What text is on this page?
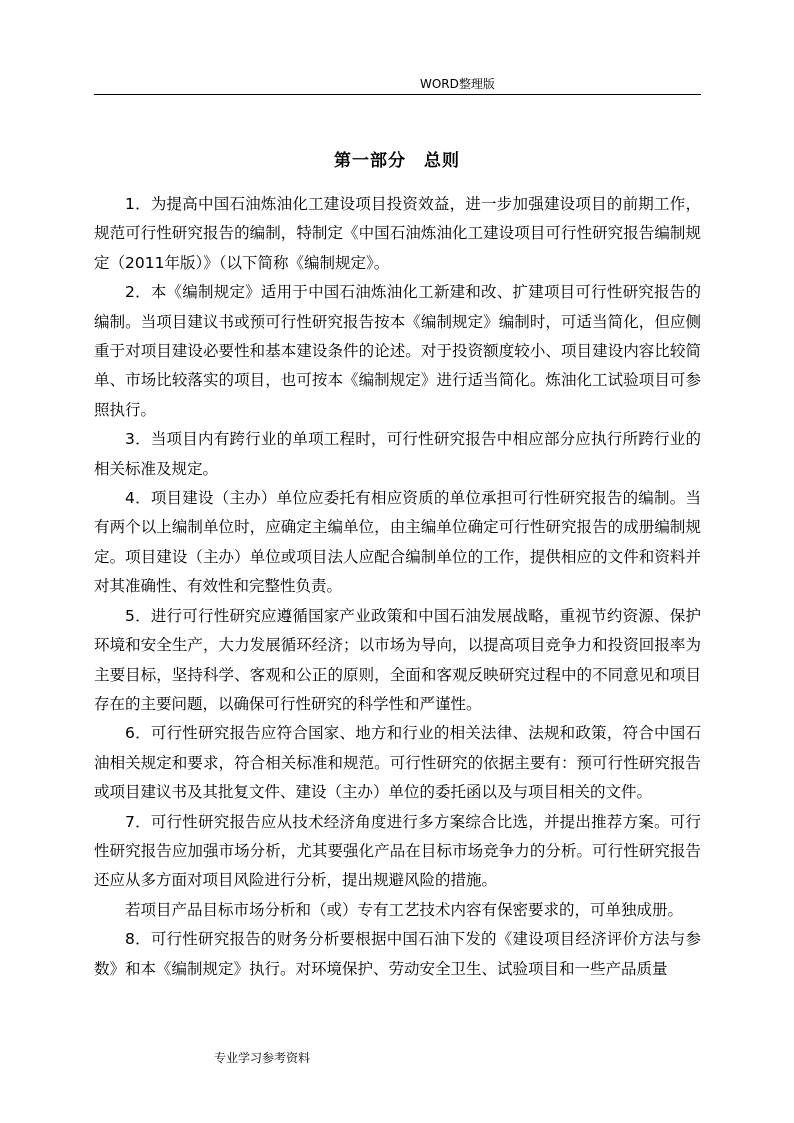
WORD整理版
第一部分　总则

1．为提高中国石油炼油化工建设项目投资效益，进一步加强建设项目的前期工作，规范可行性研究报告的编制，特制定《中国石油炼油化工建设项目可行性研究报告编制规定（2011年版）》（以下简称《编制规定》。

2．本《编制规定》适用于中国石油炼油化工新建和改、扩建项目可行性研究报告的编制。当项目建议书或预可行性研究报告按本《编制规定》编制时，可适当简化，但应侧重于对项目建设必要性和基本建设条件的论述。对于投资额度较小、项目建设内容比较简单、市场比较落实的项目，也可按本《编制规定》进行适当简化。炼油化工试验项目可参照执行。

3．当项目内有跨行业的单项工程时，可行性研究报告中相应部分应执行所跨行业的相关标准及规定。

4．项目建设（主办）单位应委托有相应资质的单位承担可行性研究报告的编制。当有两个以上编制单位时，应确定主编单位，由主编单位确定可行性研究报告的成册编制规定。项目建设（主办）单位或项目法人应配合编制单位的工作，提供相应的文件和资料并对其准确性、有效性和完整性负责。

5．进行可行性研究应遵循国家产业政策和中国石油发展战略，重视节约资源、保护环境和安全生产，大力发展循环经济；以市场为导向，以提高项目竞争力和投资回报率为主要目标，坚持科学、客观和公正的原则，全面和客观反映研究过程中的不同意见和项目存在的主要问题，以确保可行性研究的科学性和严谨性。

6．可行性研究报告应符合国家、地方和行业的相关法律、法规和政策，符合中国石油相关规定和要求，符合相关标准和规范。可行性研究的依据主要有：预可行性研究报告或项目建议书及其批复文件、建设（主办）单位的委托函以及与项目相关的文件。

7．可行性研究报告应从技术经济角度进行多方案综合比选，并提出推荐方案。可行性研究报告应加强市场分析，尤其要强化产品在目标市场竞争力的分析。可行性研究报告还应从多方面对项目风险进行分析，提出规避风险的措施。

若项目产品目标市场分析和（或）专有工艺技术内容有保密要求的，可单独成册。

8．可行性研究报告的财务分析要根据中国石油下发的《建设项目经济评价方法与参数》和本《编制规定》执行。对环境保护、劳动安全卫生、试验项目和一些产品质量

专业学习参考资料
